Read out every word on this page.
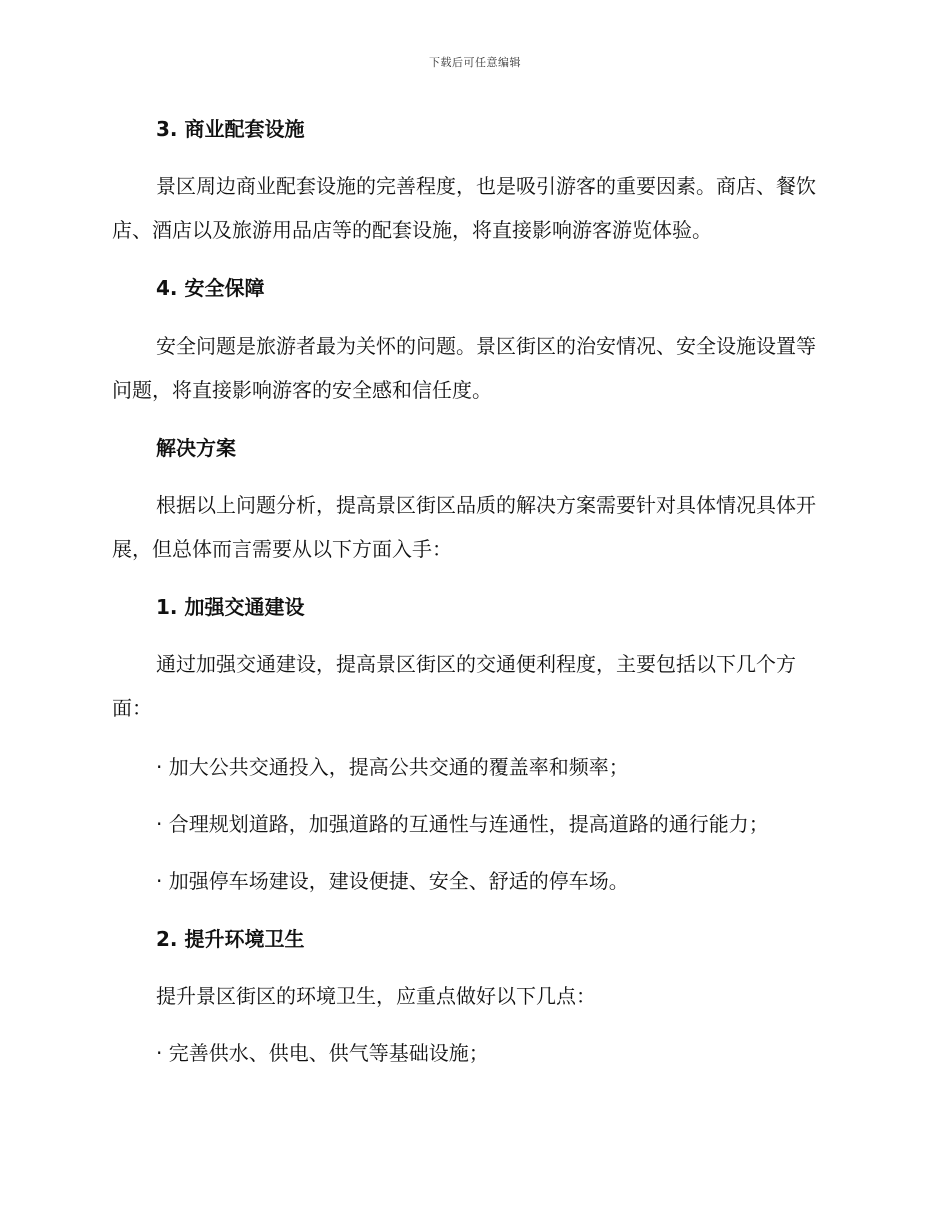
下载后可任意编辑
3. 商业配套设施
景区周边商业配套设施的完善程度，也是吸引游客的重要因素。商店、餐饮店、酒店以及旅游用品店等的配套设施，将直接影响游客游览体验。
4. 安全保障
安全问题是旅游者最为关怀的问题。景区街区的治安情况、安全设施设置等问题，将直接影响游客的安全感和信任度。
解决方案
根据以上问题分析，提高景区街区品质的解决方案需要针对具体情况具体开展，但总体而言需要从以下方面入手：
1. 加强交通建设
通过加强交通建设，提高景区街区的交通便利程度，主要包括以下几个方面：
· 加大公共交通投入，提高公共交通的覆盖率和频率；
· 合理规划道路，加强道路的互通性与连通性，提高道路的通行能力；
· 加强停车场建设，建设便捷、安全、舒适的停车场。
2. 提升环境卫生
提升景区街区的环境卫生，应重点做好以下几点：
· 完善供水、供电、供气等基础设施；
